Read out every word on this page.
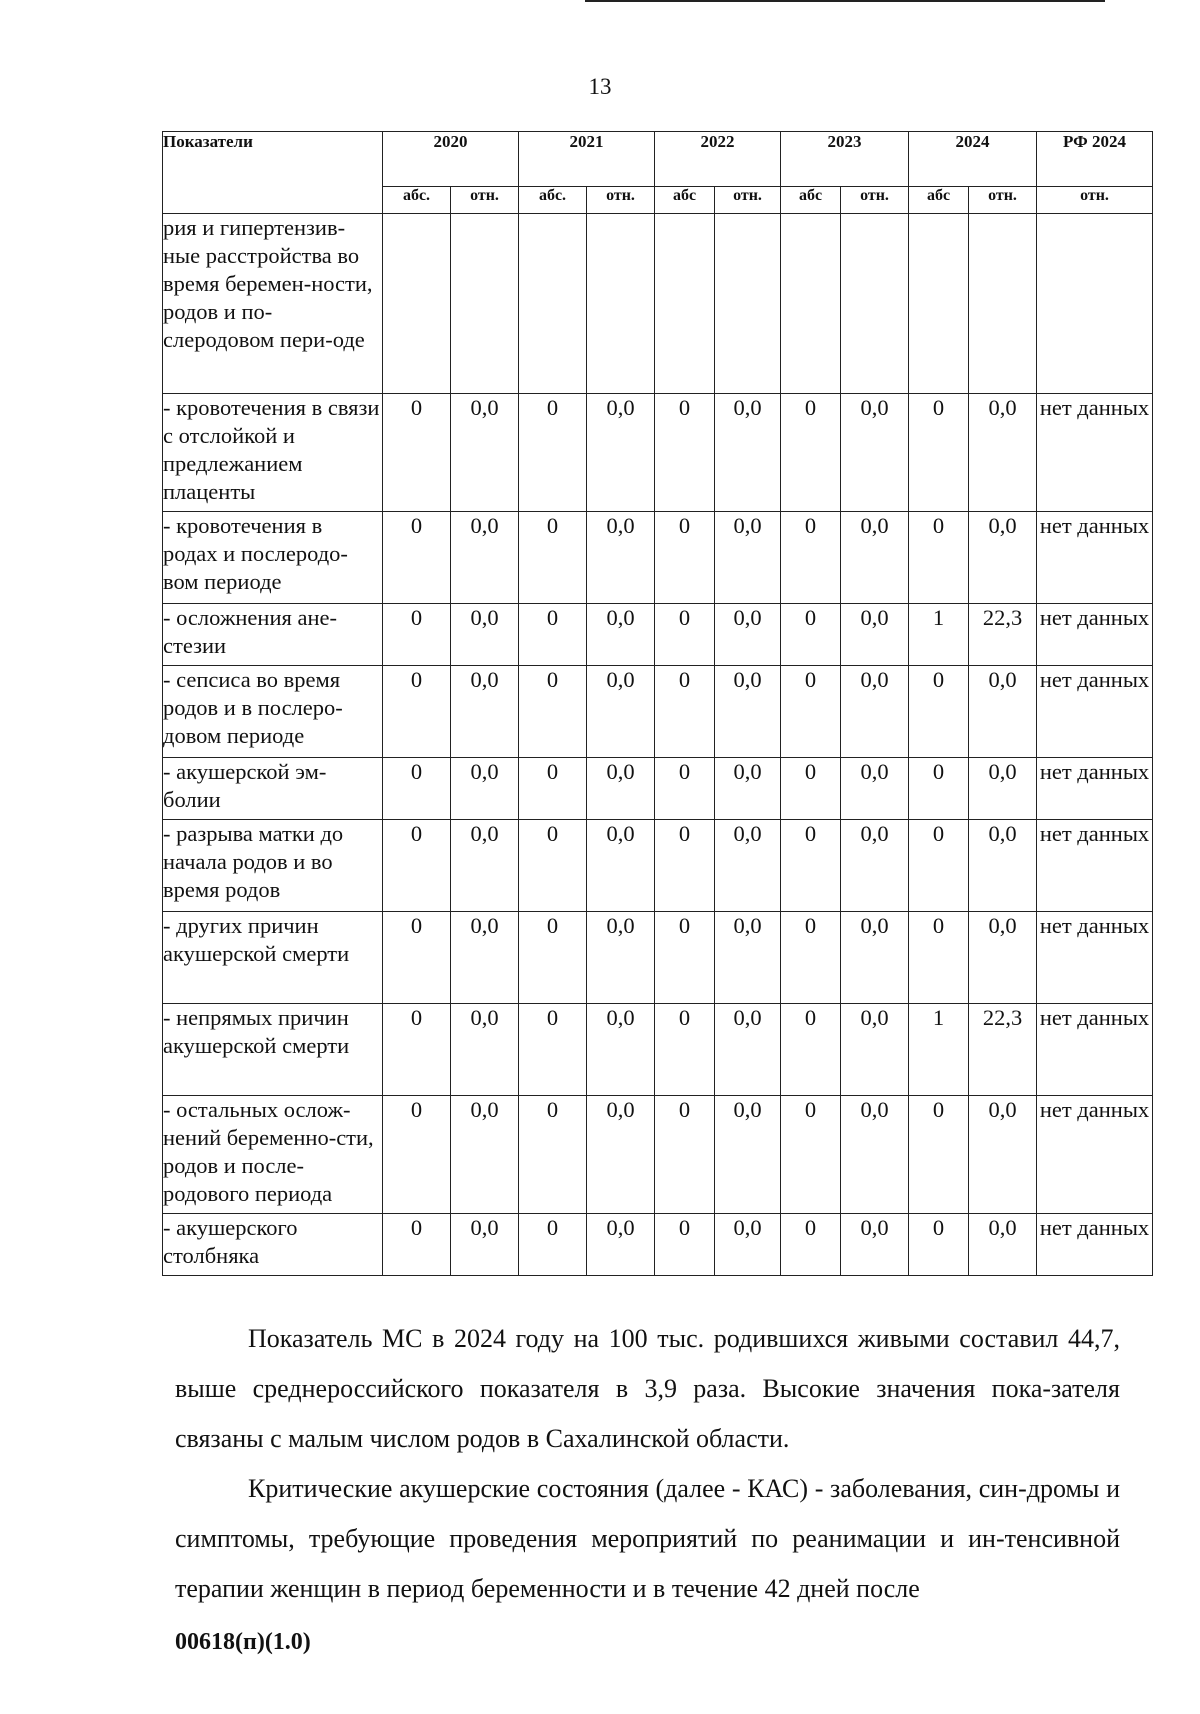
13
Показатели	2020		2021		2022		2023		2024		РФ 2024
	абс.	отн.	абс.	отн.	абс	отн.	абс	отн.	абс	отн.	отн.
рия и гипертензив-ные расстройства во время беремен-ности, родов и по-слеродовом пери-оде											
- кровотечения в связи с отслойкой и предлежанием плаценты	0	0,0	0	0,0	0	0,0	0	0,0	0	0,0	нет данных
- кровотечения в родах и послеродо-вом периоде	0	0,0	0	0,0	0	0,0	0	0,0	0	0,0	нет данных
- осложнения ане-стезии	0	0,0	0	0,0	0	0,0	0	0,0	1	22,3	нет данных
- сепсиса во время родов и в послеро-довом периоде	0	0,0	0	0,0	0	0,0	0	0,0	0	0,0	нет данных
- акушерской эм-болии	0	0,0	0	0,0	0	0,0	0	0,0	0	0,0	нет данных
- разрыва матки до начала родов и во время родов	0	0,0	0	0,0	0	0,0	0	0,0	0	0,0	нет данных
- других причин акушерской смерти	0	0,0	0	0,0	0	0,0	0	0,0	0	0,0	нет данных
- непрямых причин акушерской смерти	0	0,0	0	0,0	0	0,0	0	0,0	1	22,3	нет данных
- остальных ослож-нений беременно-сти, родов и после-родового периода	0	0,0	0	0,0	0	0,0	0	0,0	0	0,0	нет данных
- акушерского столбняка	0	0,0	0	0,0	0	0,0	0	0,0	0	0,0	нет данных

Показатель МС в 2024 году на 100 тыс. родившихся живыми составил 44,7, выше среднероссийского показателя в 3,9 раза. Высокие значения пока-зателя связаны с малым числом родов в Сахалинской области.

Критические акушерские состояния (далее - КАС) - заболевания, син-дромы и симптомы, требующие проведения мероприятий по реанимации и ин-тенсивной терапии женщин в период беременности и в течение 42 дней после

00618(п)(1.0)
